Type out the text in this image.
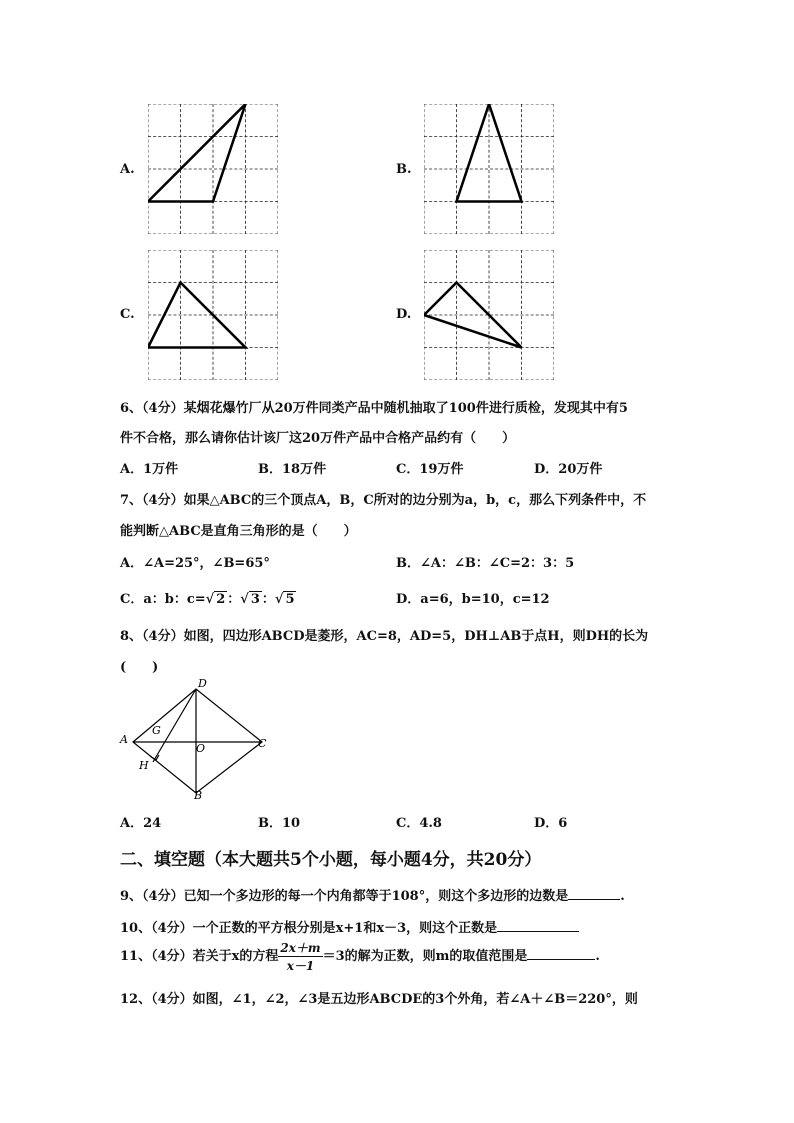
A.	B.
C.	D.
6、（4分）某烟花爆竹厂从20万件同类产品中随机抽取了100件进行质检，发现其中有5
件不合格，那么请你估计该厂这20万件产品中合格产品约有（　　）
A．1万件	B．18万件	C．19万件	D．20万件
7、（4分）如果△ABC的三个顶点A，B，C所对的边分别为a，b，c，那么下列条件中，不
能判断△ABC是直角三角形的是（　　）
A．∠A=25°，∠B=65°	B．∠A：∠B：∠C=2：3：5
C．a：b：c=√ 2 ：√ 3 ：√ 5	D．a=6，b=10，c=12
8、（4分）如图，四边形ABCD是菱形，AC=8，AD=5，DH⊥AB于点H，则DH的长为
(　　)
D
A
G
O	C
H
B
A．24	B．10	C．4.8	D．6
二、填空题（本大题共5个小题，每小题4分，共20分）
9、（4分）已知一个多边形的每一个内角都等于108°，则这个多边形的边数是	.
10、（4分）一个正数的平方根分别是x+1和x－3，则这个正数是
11、（4分）若关于x的方程 $\frac{2x+m}{x-1} =3$的解为正数，则m的取值范围是	.
12、（4分）如图，∠1，∠2，∠3是五边形ABCDE的3个外角，若∠A＋∠B＝220°，则
